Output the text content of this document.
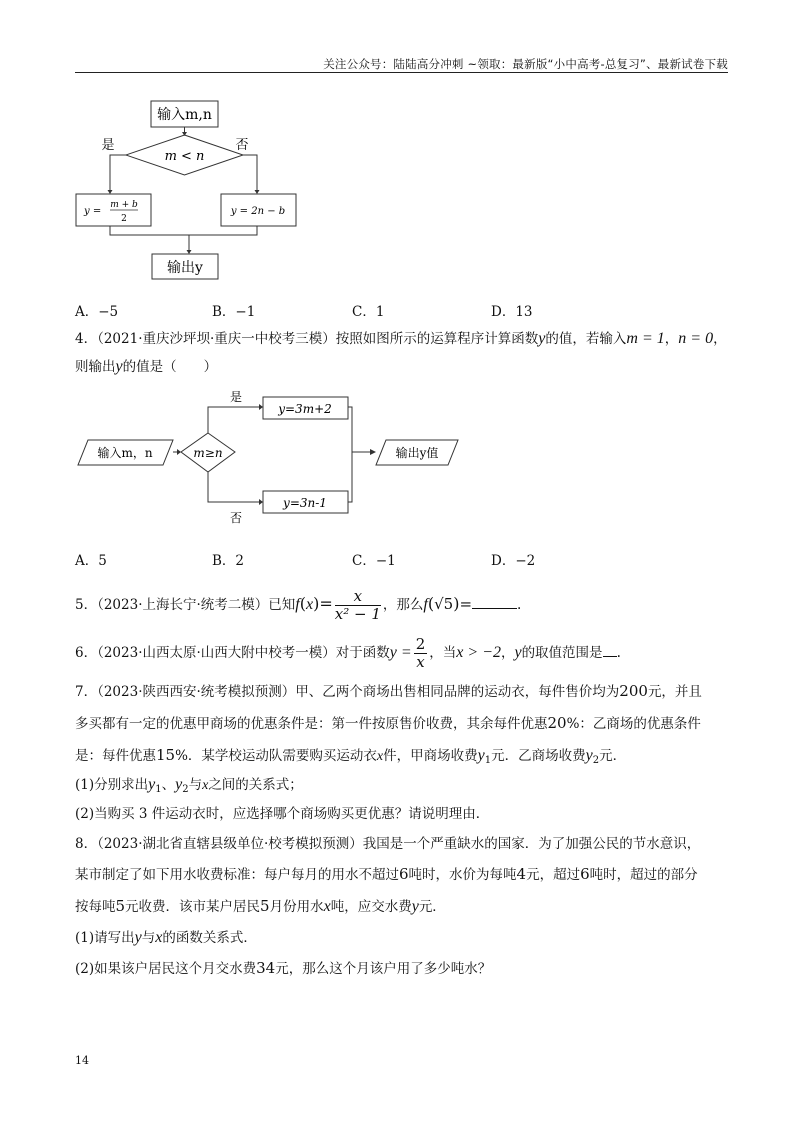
关注公众号：陆陆高分冲刺 ~领取：最新版“小中高考-总复习”、最新试卷下载
输入m,n
m < n
是	否
y =
m + b
2
y = 2n − b
输出y
A．−5	B．−1	C．1	D．13
4．（2021·重庆沙坪坝·重庆一中校考三模）按照如图所示的运算程序计算函数y的值，若输入m = 1，n = 0，
则输出y的值是（　　）
输入m，n	m≥n
是
否
y=3m+2
y=3n-1
输出y值
A．5	B．2	C．−1	D．−2
5．（2023·上海长宁·统考二模）已知$f(x)= \frac{x}{\text{x² − 1}}$ ，那么f(√5)=	.
6．（2023·山西太原·山西大附中校考一模）对于函数$y = \frac{2}{x}$ ，当x > −2，y的取值范围是 .
7．（2023·陕西西安·统考模拟预测）甲、乙两个商场出售相同品牌的运动衣，每件售价均为200元，并且
多买都有一定的优惠甲商场的优惠条件是：第一件按原售价收费，其余每件优惠20%：乙商场的优惠条件
是：每件优惠15%．某学校运动队需要购买运动衣x件，甲商场收费$y_1$元．乙商场收费$y_2$元．
(1)分别求出$y_1$、$y_2$与x之间的关系式；
(2)当购买 3 件运动衣时，应选择哪个商场购买更优惠？请说明理由．
8．（2023·湖北省直辖县级单位·校考模拟预测）我国是一个严重缺水的国家．为了加强公民的节水意识，
某市制定了如下用水收费标准：每户每月的用水不超过6吨时，水价为每吨4元，超过6吨时，超过的部分
按每吨5元收费．该市某户居民5月份用水x吨，应交水费y元．
(1)请写出y与x的函数关系式．
(2)如果该户居民这个月交水费34元，那么这个月该户用了多少吨水？
14
